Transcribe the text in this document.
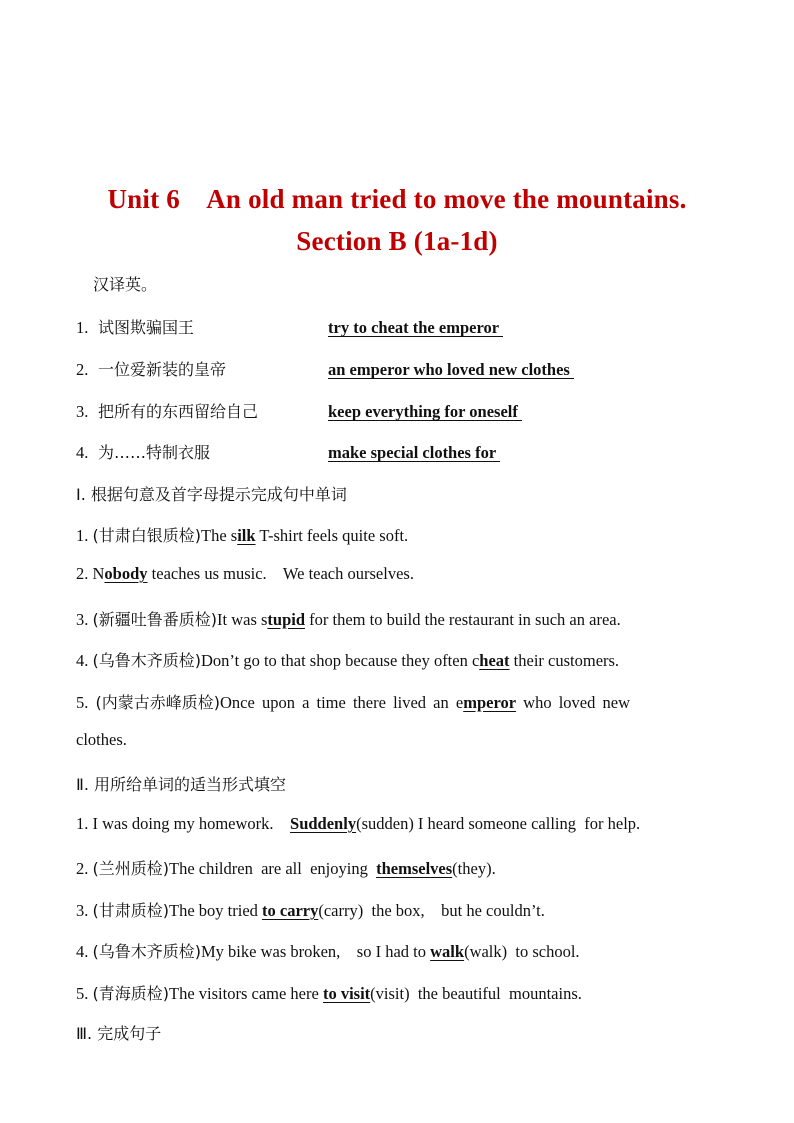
Unit 6    An old man tried to move the mountains.
Section B (1a-1d)
汉译英。
1. 试图欺骗国王	try to cheat the emperor
2. 一位爱新装的皇帝	an emperor who loved new clothes
3. 把所有的东西留给自己	keep everything for oneself
4. 为……特制衣服	make special clothes for
Ⅰ. 根据句意及首字母提示完成句中单词
1. (甘肃白银质检)The silk T-shirt feels quite soft.
2. Nobody teaches us music.    We teach ourselves.
3. (新疆吐鲁番质检)It was stupid for them to build the restaurant in such an area.
4. (乌鲁木齐质检)Don’t go to that shop because they often cheat their customers.
5. (内蒙古赤峰质检)Once upon a time there lived an emperor who loved new
clothes.
Ⅱ. 用所给单词的适当形式填空
1. I was doing my homework.    Suddenly(sudden) I heard someone calling  for help.
2. (兰州质检)The children  are all  enjoying  themselves(they).
3. (甘肃质检)The boy tried to carry(carry)  the box,    but he couldn’t.
4. (乌鲁木齐质检)My bike was broken,    so I had to walk(walk)  to school.
5. (青海质检)The visitors came here to visit(visit)  the beautiful  mountains.
Ⅲ. 完成句子
